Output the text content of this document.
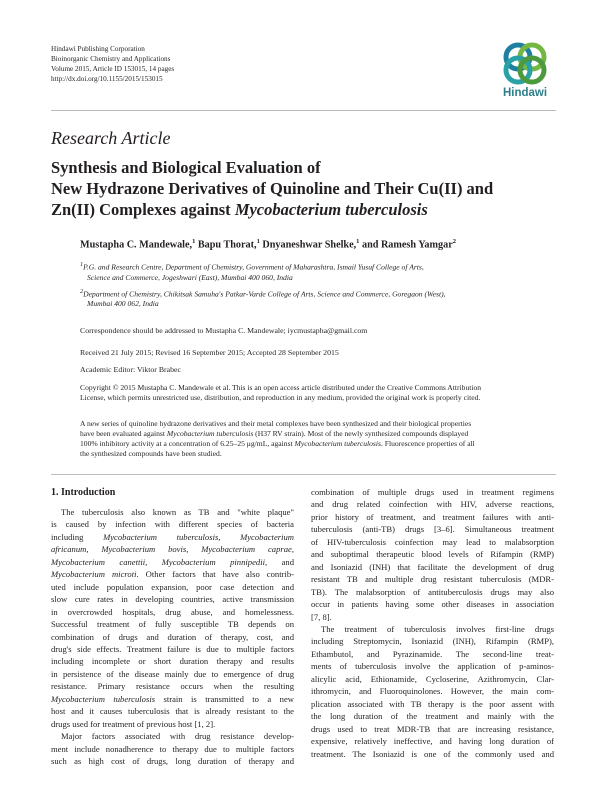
Hindawi Publishing Corporation
Bioinorganic Chemistry and Applications
Volume 2015, Article ID 153015, 14 pages
http://dx.doi.org/10.1155/2015/153015
Hindawi
Research Article
Synthesis and Biological Evaluation of
New Hydrazone Derivatives of Quinoline and Their Cu(II) and
Zn(II) Complexes against Mycobacterium tuberculosis
Mustapha C. Mandewale,$^1$ Bapu Thorat,$^1$ Dnyaneshwar Shelke,$^1$ and Ramesh Yamgar$^2$
$^1$P.G. and Research Centre, Department of Chemistry, Government of Maharashtra, Ismail Yusuf College of Arts,
Science and Commerce, Jogeshwari (East), Mumbai 400 060, India
$^2$Department of Chemistry, Chikitsak Samuha's Patkar-Varde College of Arts, Science and Commerce, Goregaon (West),
Mumbai 400 062, India
Correspondence should be addressed to Mustapha C. Mandewale; iycmustapha@gmail.com
Received 21 July 2015; Revised 16 September 2015; Accepted 28 September 2015
Academic Editor: Viktor Brabec
Copyright © 2015 Mustapha C. Mandewale et al. This is an open access article distributed under the Creative Commons Attribution
License, which permits unrestricted use, distribution, and reproduction in any medium, provided the original work is properly cited.
A new series of quinoline hydrazone derivatives and their metal complexes have been synthesized and their biological properties
have been evaluated against Mycobacterium tuberculosis (H37 RV strain). Most of the newly synthesized compounds displayed
100% inhibitory activity at a concentration of 6.25–25 μg/mL, against Mycobacterium tuberculosis. Fluorescence properties of all
the synthesized compounds have been studied.
1. Introduction
The tuberculosis also known as TB and "white plaque"
is caused by infection with different species of bacteria
including Mycobacterium tuberculosis, Mycobacterium
africanum, Mycobacterium bovis, Mycobacterium caprae,
Mycobacterium canettii, Mycobacterium pinnipedii, and
Mycobacterium microti. Other factors that have also contrib-
uted include population expansion, poor case detection and
slow cure rates in developing countries, active transmission
in overcrowded hospitals, drug abuse, and homelessness.
Successful treatment of fully susceptible TB depends on
combination of drugs and duration of therapy, cost, and
drug's side effects. Treatment failure is due to multiple factors
including incomplete or short duration therapy and results
in persistence of the disease mainly due to emergence of drug
resistance. Primary resistance occurs when the resulting
Mycobacterium tuberculosis strain is transmitted to a new
host and it causes tuberculosis that is already resistant to the
drugs used for treatment of previous host [1, 2].
Major factors associated with drug resistance develop-
ment include nonadherence to therapy due to multiple factors
such as high cost of drugs, long duration of therapy and
combination of multiple drugs used in treatment regimens
and drug related coinfection with HIV, adverse reactions,
prior history of treatment, and treatment failures with anti-
tuberculosis (anti-TB) drugs [3–6]. Simultaneous treatment
of HIV-tuberculosis coinfection may lead to malabsorption
and suboptimal therapeutic blood levels of Rifampin (RMP)
and Isoniazid (INH) that facilitate the development of drug
resistant TB and multiple drug resistant tuberculosis (MDR-
TB). The malabsorption of antituberculosis drugs may also
occur in patients having some other diseases in association
[7, 8].
The treatment of tuberculosis involves first-line drugs
including Streptomycin, Isoniazid (INH), Rifampin (RMP),
Ethambutol, and Pyrazinamide. The second-line treat-
ments of tuberculosis involve the application of p-aminos-
alicylic acid, Ethionamide, Cycloserine, Azithromycin, Clar-
ithromycin, and Fluoroquinolones. However, the main com-
plication associated with TB therapy is the poor assent with
the long duration of the treatment and mainly with the
drugs used to treat MDR-TB that are increasing resistance,
expensive, relatively ineffective, and having long duration of
treatment. The Isoniazid is one of the commonly used and
